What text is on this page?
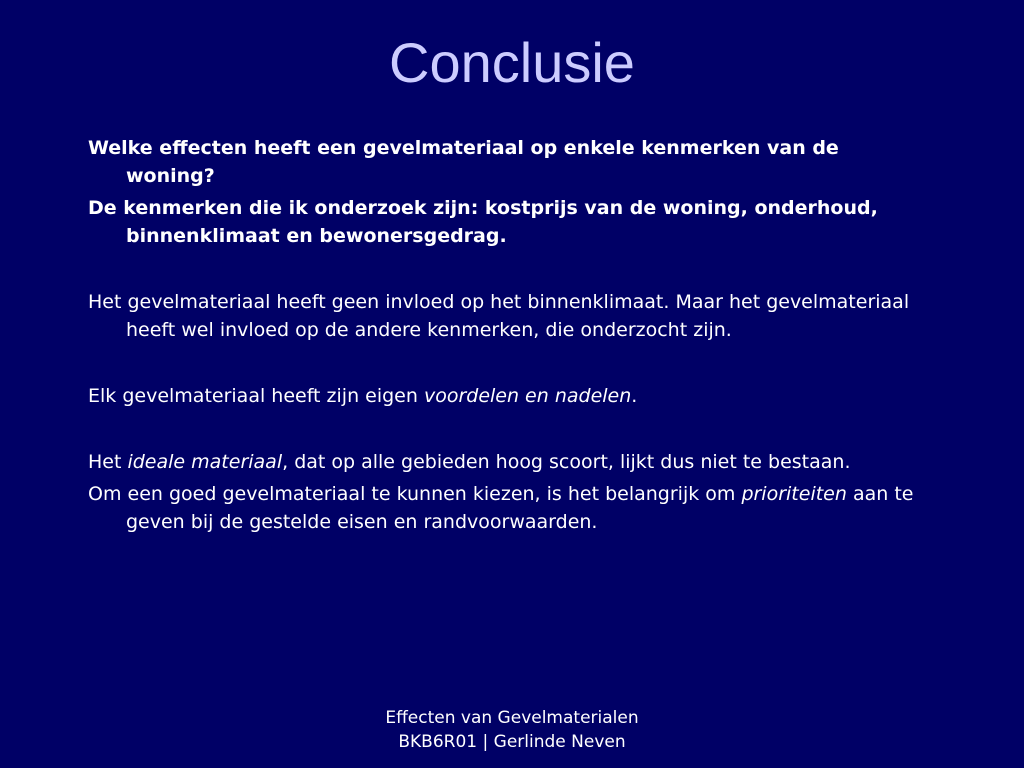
Conclusie

Welke effecten heeft een gevelmateriaal op enkele kenmerken van de woning?

De kenmerken die ik onderzoek zijn: kostprijs van de woning, onderhoud, binnenklimaat en bewonersgedrag.

Het gevelmateriaal heeft geen invloed op het binnenklimaat. Maar het gevelmateriaal heeft wel invloed op de andere kenmerken, die onderzocht zijn.

Elk gevelmateriaal heeft zijn eigen voordelen en nadelen.

Het ideale materiaal, dat op alle gebieden hoog scoort, lijkt dus niet te bestaan.

Om een goed gevelmateriaal te kunnen kiezen, is het belangrijk om prioriteiten aan te geven bij de gestelde eisen en randvoorwaarden.

Effecten van Gevelmaterialen
BKB6R01 | Gerlinde Neven
